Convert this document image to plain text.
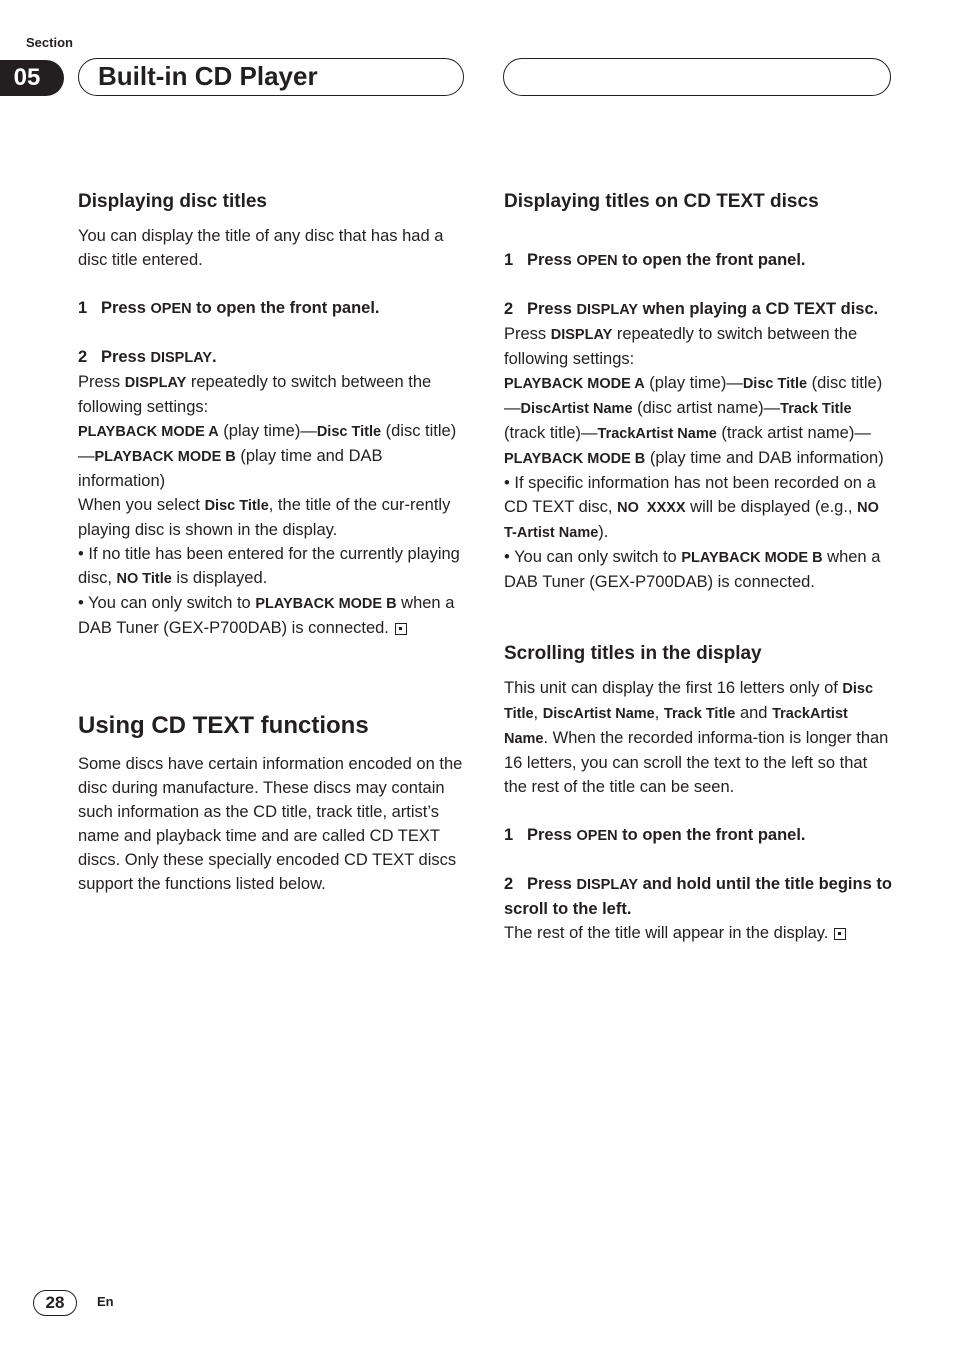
Section
05	Built-in CD Player
Displaying disc titles

You can display the title of any disc that has had a disc title entered.

1 Press OPEN to open the front panel.

2 Press DISPLAY.

Press DISPLAY repeatedly to switch between the following settings:

PLAYBACK MODE A (play time)—Disc Title (disc title)—PLAYBACK MODE B (play time and DAB information)

When you select Disc Title, the title of the cur-rently playing disc is shown in the display.

• If no title has been entered for the currently playing disc, NO Title is displayed.

• You can only switch to PLAYBACK MODE B when a DAB Tuner (GEX-P700DAB) is connected.

Using CD TEXT functions

Some discs have certain information encoded on the disc during manufacture. These discs may contain such information as the CD title, track title, artist’s name and playback time and are called CD TEXT discs. Only these specially encoded CD TEXT discs support the functions listed below.

Displaying titles on CD TEXT discs

1 Press OPEN to open the front panel.

2 Press DISPLAY when playing a CD TEXT disc.

Press DISPLAY repeatedly to switch between the following settings:

PLAYBACK MODE A (play time)—Disc Title (disc title)—DiscArtist Name (disc artist name)—Track Title (track title)—TrackArtist Name (track artist name)—PLAYBACK MODE B (play time and DAB information)

• If specific information has not been recorded on a CD TEXT disc, NO  XXXX will be displayed (e.g., NO T-Artist Name).

• You can only switch to PLAYBACK MODE B when a DAB Tuner (GEX-P700DAB) is connected.

Scrolling titles in the display

This unit can display the first 16 letters only of Disc Title, DiscArtist Name, Track Title and TrackArtist Name. When the recorded informa-tion is longer than 16 letters, you can scroll the text to the left so that the rest of the title can be seen.

1 Press OPEN to open the front panel.

2 Press DISPLAY and hold until the title begins to scroll to the left.

The rest of the title will appear in the display.

28	En
